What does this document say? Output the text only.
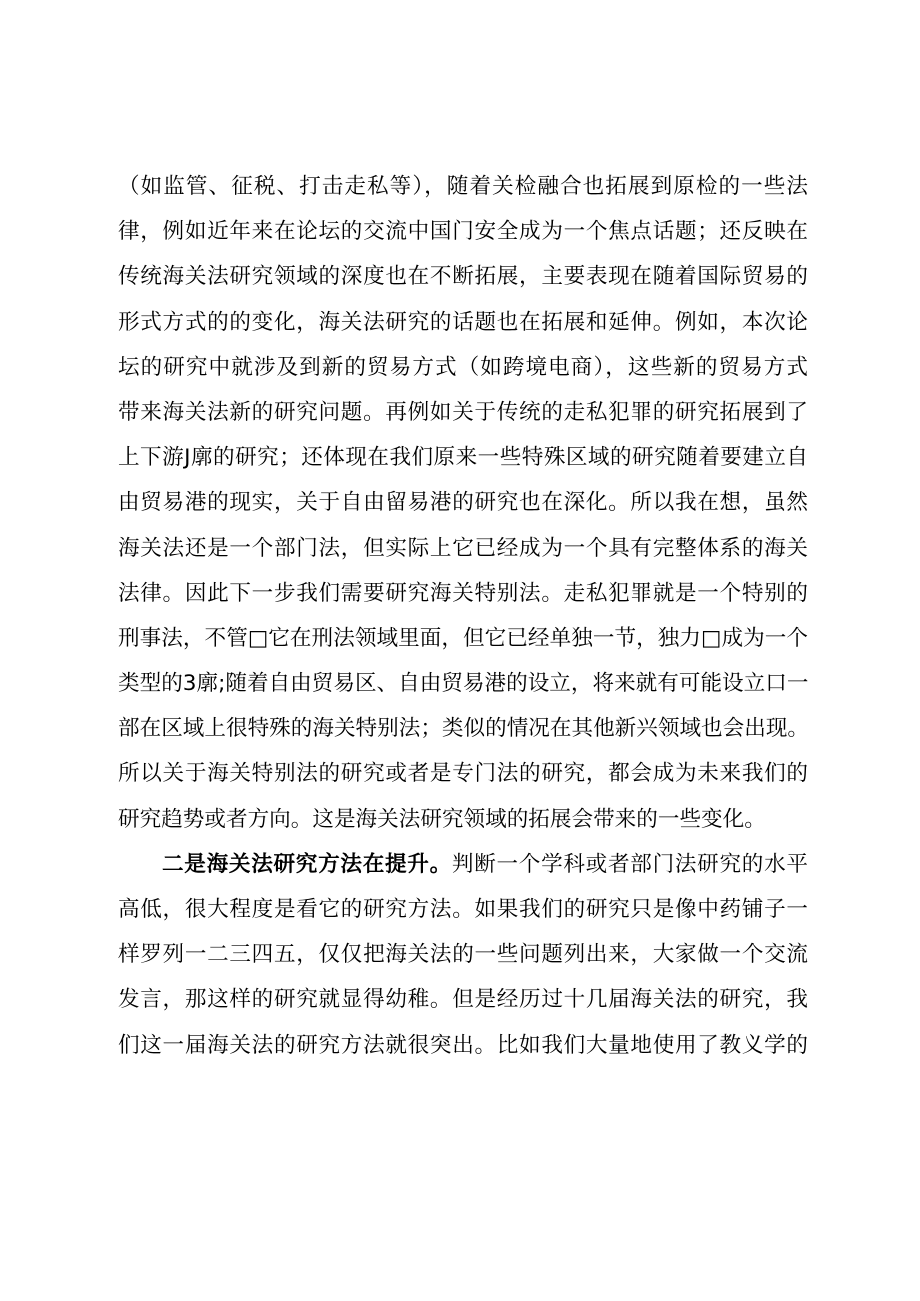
（如监管、征税、打击走私等），随着关检融合也拓展到原检的一些法
律，例如近年来在论坛的交流中国门安全成为一个焦点话题；还反映在
传统海关法研究领域的深度也在不断拓展，主要表现在随着国际贸易的
形式方式的的变化，海关法研究的话题也在拓展和延伸。例如，本次论
坛的研究中就涉及到新的贸易方式（如跨境电商），这些新的贸易方式
带来海关法新的研究问题。再例如关于传统的走私犯罪的研究拓展到了
上下游J廓的研究；还体现在我们原来一些特殊区域的研究随着要建立自
由贸易港的现实，关于自由留易港的研究也在深化。所以我在想，虽然
海关法还是一个部门法，但实际上它已经成为一个具有完整体系的海关
法律。因此下一步我们需要研究海关特别法。走私犯罪就是一个特别的
刑事法，不管□它在刑法领域里面，但它已经单独一节，独力□成为一个
类型的3廓;随着自由贸易区、自由贸易港的设立，将来就有可能设立口一
部在区域上很特殊的海关特别法；类似的情况在其他新兴领域也会出现。
所以关于海关特别法的研究或者是专门法的研究，都会成为未来我们的
研究趋势或者方向。这是海关法研究领域的拓展会带来的一些变化。
二是海关法研究方法在提升。判断一个学科或者部门法研究的水平
高低，很大程度是看它的研究方法。如果我们的研究只是像中药铺子一
样罗列一二三四五，仅仅把海关法的一些问题列出来，大家做一个交流
发言，那这样的研究就显得幼稚。但是经历过十几届海关法的研究，我
们这一届海关法的研究方法就很突出。比如我们大量地使用了教义学的
